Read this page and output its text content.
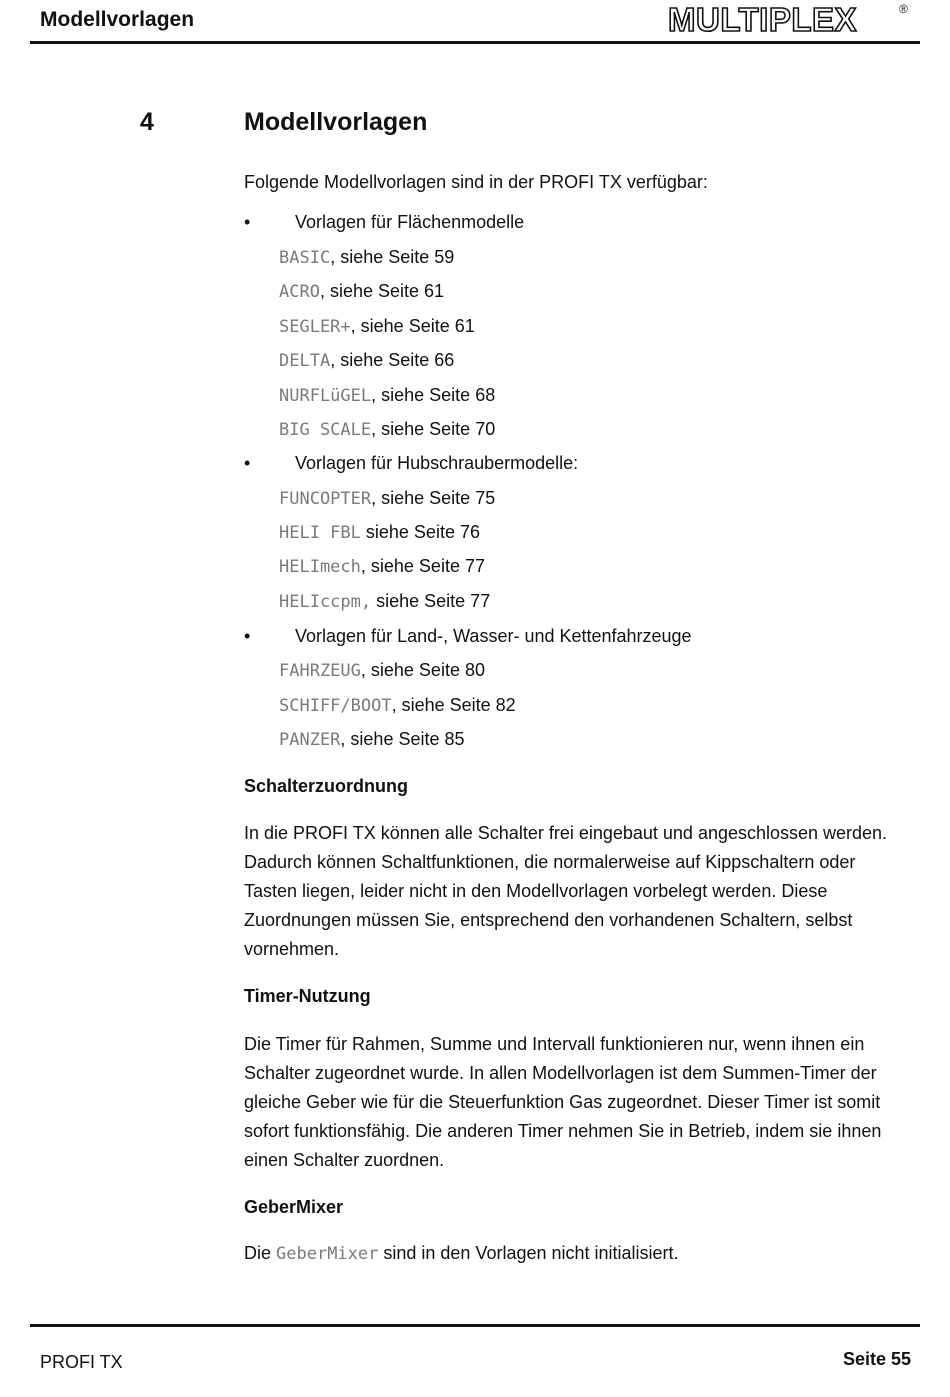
Modellvorlagen	MULTIPLEX	®
4	Modellvorlagen
Folgende Modellvorlagen sind in der PROFI TX verfügbar:
• Vorlagen für Flächenmodelle
BASIC, siehe Seite 59
ACRO, siehe Seite 61
SEGLER+, siehe Seite 61
DELTA, siehe Seite 66
NURFLüGEL, siehe Seite 68
BIG SCALE, siehe Seite 70
• Vorlagen für Hubschraubermodelle:
FUNCOPTER, siehe Seite 75
HELI FBL siehe Seite 76
HELImech, siehe Seite 77
HELIccpm, siehe Seite 77
• Vorlagen für Land-, Wasser- und Kettenfahrzeuge
FAHRZEUG, siehe Seite 80
SCHIFF/BOOT, siehe Seite 82
PANZER, siehe Seite 85
Schalterzuordnung
In die PROFI TX können alle Schalter frei eingebaut und angeschlossen werden.
Dadurch können Schaltfunktionen, die normalerweise auf Kippschaltern oder
Tasten liegen, leider nicht in den Modellvorlagen vorbelegt werden. Diese
Zuordnungen müssen Sie, entsprechend den vorhandenen Schaltern, selbst
vornehmen.
Timer-Nutzung
Die Timer für Rahmen, Summe und Intervall funktionieren nur, wenn ihnen ein
Schalter zugeordnet wurde. In allen Modellvorlagen ist dem Summen-Timer der
gleiche Geber wie für die Steuerfunktion Gas zugeordnet. Dieser Timer ist somit
sofort funktionsfähig. Die anderen Timer nehmen Sie in Betrieb, indem sie ihnen
einen Schalter zuordnen.
GeberMixer
Die GeberMixer sind in den Vorlagen nicht initialisiert.
PROFI TX	Seite 55
